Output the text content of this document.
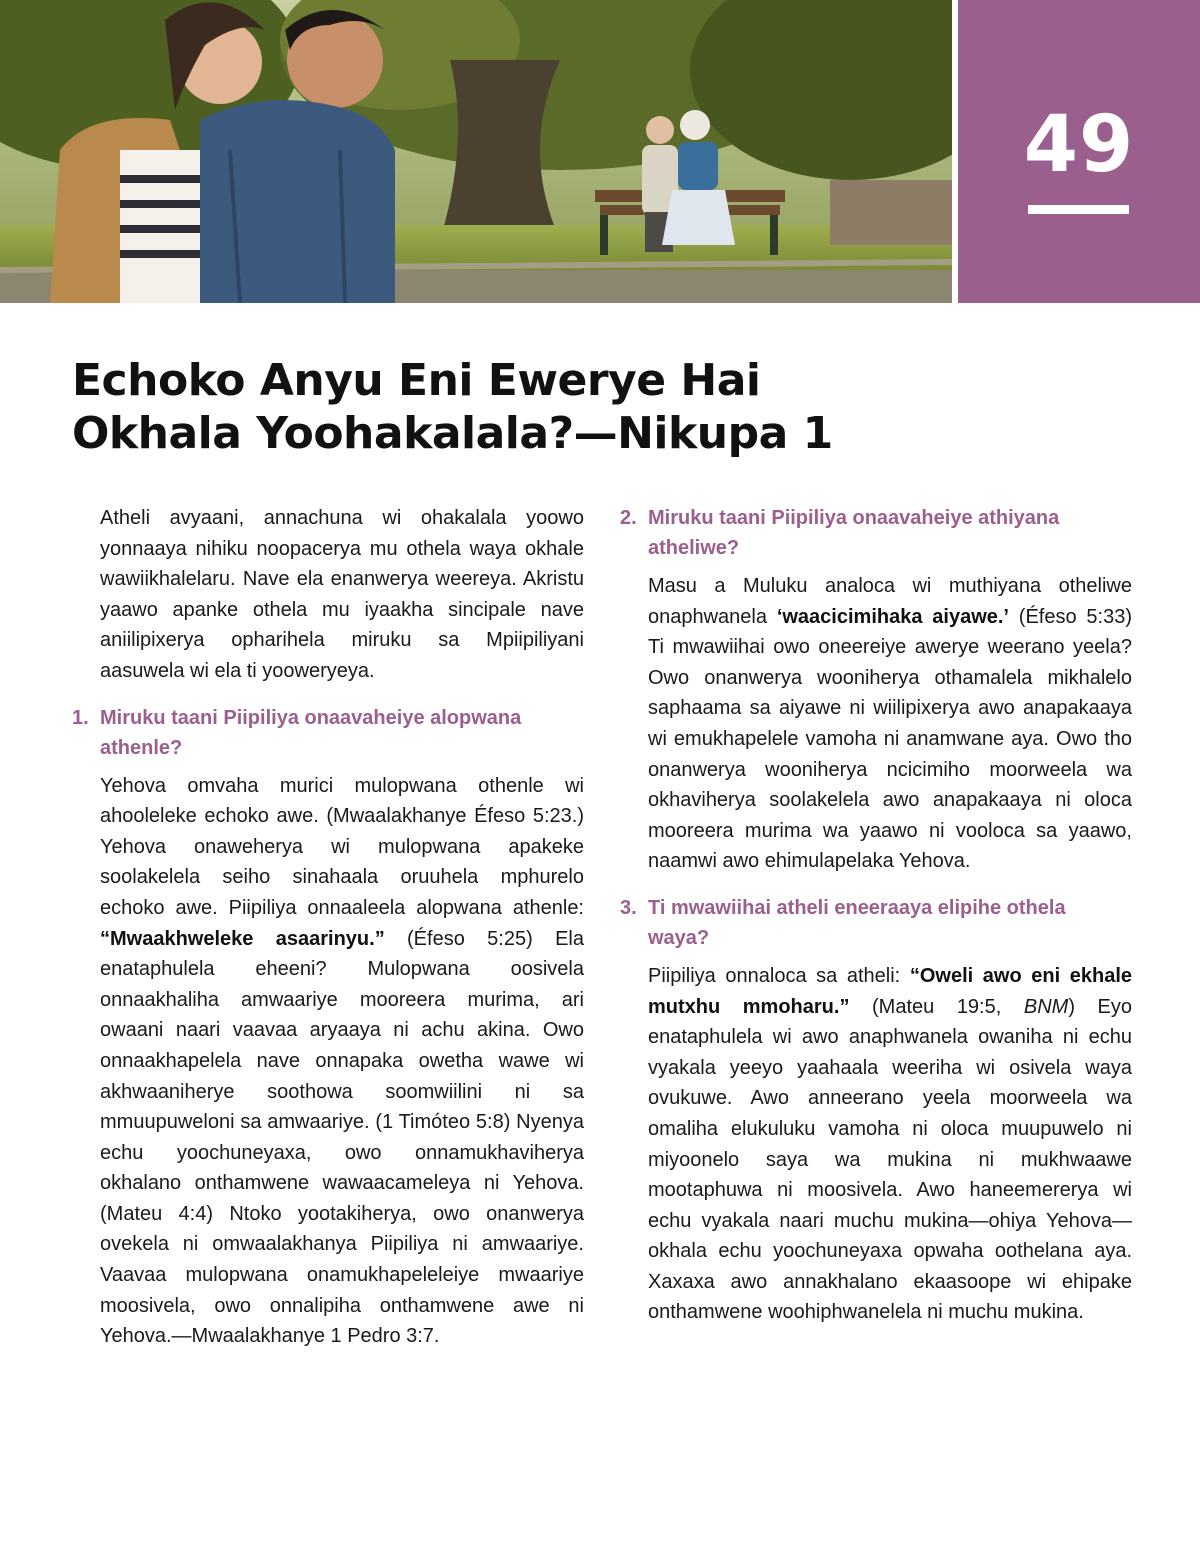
49
Echoko Anyu Eni Ewerye Hai
Okhala Yoohakalala?—Nikupa 1

Atheli avyaani, annachuna wi ohakalala yoowo yonnaaya nihiku noopacerya mu othela waya okhale wawiikhalelaru. Nave ela enanwerya weereya. Akristu yaawo apanke othela mu iyaakha sincipale nave aniilipixerya opharihela miruku sa Mpiipiliyani aasuwela wi ela ti yooweryeya.

1. Miruku taani Piipiliya onaavaheiye alopwana athenle?

Yehova omvaha murici mulopwana othenle wi ahooleleke echoko awe. (Mwaalakhanye Éfeso 5:23.) Yehova onaweherya wi mulopwana apakeke soolakelela seiho sinahaala oruuhela mphurelo echoko awe. Piipiliya onnaaleela alopwana athenle: “Mwaakhweleke asaarinyu.” (Éfeso 5:25) Ela enataphulela eheeni? Mulopwana oosivela onnaakhaliha amwaariye mooreera murima, ari owaani naari vaavaa aryaaya ni achu akina. Owo onnaakhapelela nave onnapaka owetha wawe wi akhwaaniherye soothowa soomwiilini ni sa mmuupuweloni sa amwaariye. (1 Timóteo 5:8) Nyenya echu yoochuneyaxa, owo onnamukhaviherya okhalano onthamwene wawaacameleya ni Yehova. (Mateu 4:4) Ntoko yootakiherya, owo onanwerya ovekela ni omwaalakhanya Piipiliya ni amwaariye. Vaavaa mulopwana onamukhapeleleiye mwaariye moosivela, owo onnalipiha onthamwene awe ni Yehova.—Mwaalakhanye 1 Pedro 3:7.

2. Miruku taani Piipiliya onaavaheiye athiyana atheliwe?

Masu a Muluku analoca wi muthiyana otheliwe onaphwanela ‘waacicimihaka aiyawe.’ (Éfeso 5:33) Ti mwawiihai owo oneereiye awerye weerano yeela? Owo onanwerya wooniherya othamalela mikhalelo saphaama sa aiyawe ni wiilipixerya awo anapakaaya wi emukhapelele vamoha ni anamwane aya. Owo tho onanwerya wooniherya ncicimiho moorweela wa okhaviherya soolakelela awo anapakaaya ni oloca mooreera murima wa yaawo ni vooloca sa yaawo, naamwi awo ehimulapelaka Yehova.

3. Ti mwawiihai atheli eneeraaya elipihe othela waya?

Piipiliya onnaloca sa atheli: “Oweli awo eni ekhale mutxhu mmoharu.” (Mateu 19:5, BNM) Eyo enataphulela wi awo anaphwanela owaniha ni echu vyakala yeeyo yaahaala weeriha wi osivela waya ovukuwe. Awo anneerano yeela moorweela wa omaliha elukuluku vamoha ni oloca muupuwelo ni miyoonelo saya wa mukina ni mukhwaawe mootaphuwa ni moosivela. Awo haneemererya wi echu vyakala naari muchu mukina—ohiya Yehova—okhala echu yoochuneyaxa opwaha oothelana aya. Xaxaxa awo annakhalano ekaasoope wi ehipake onthamwene woohiphwanelela ni muchu mukina.
